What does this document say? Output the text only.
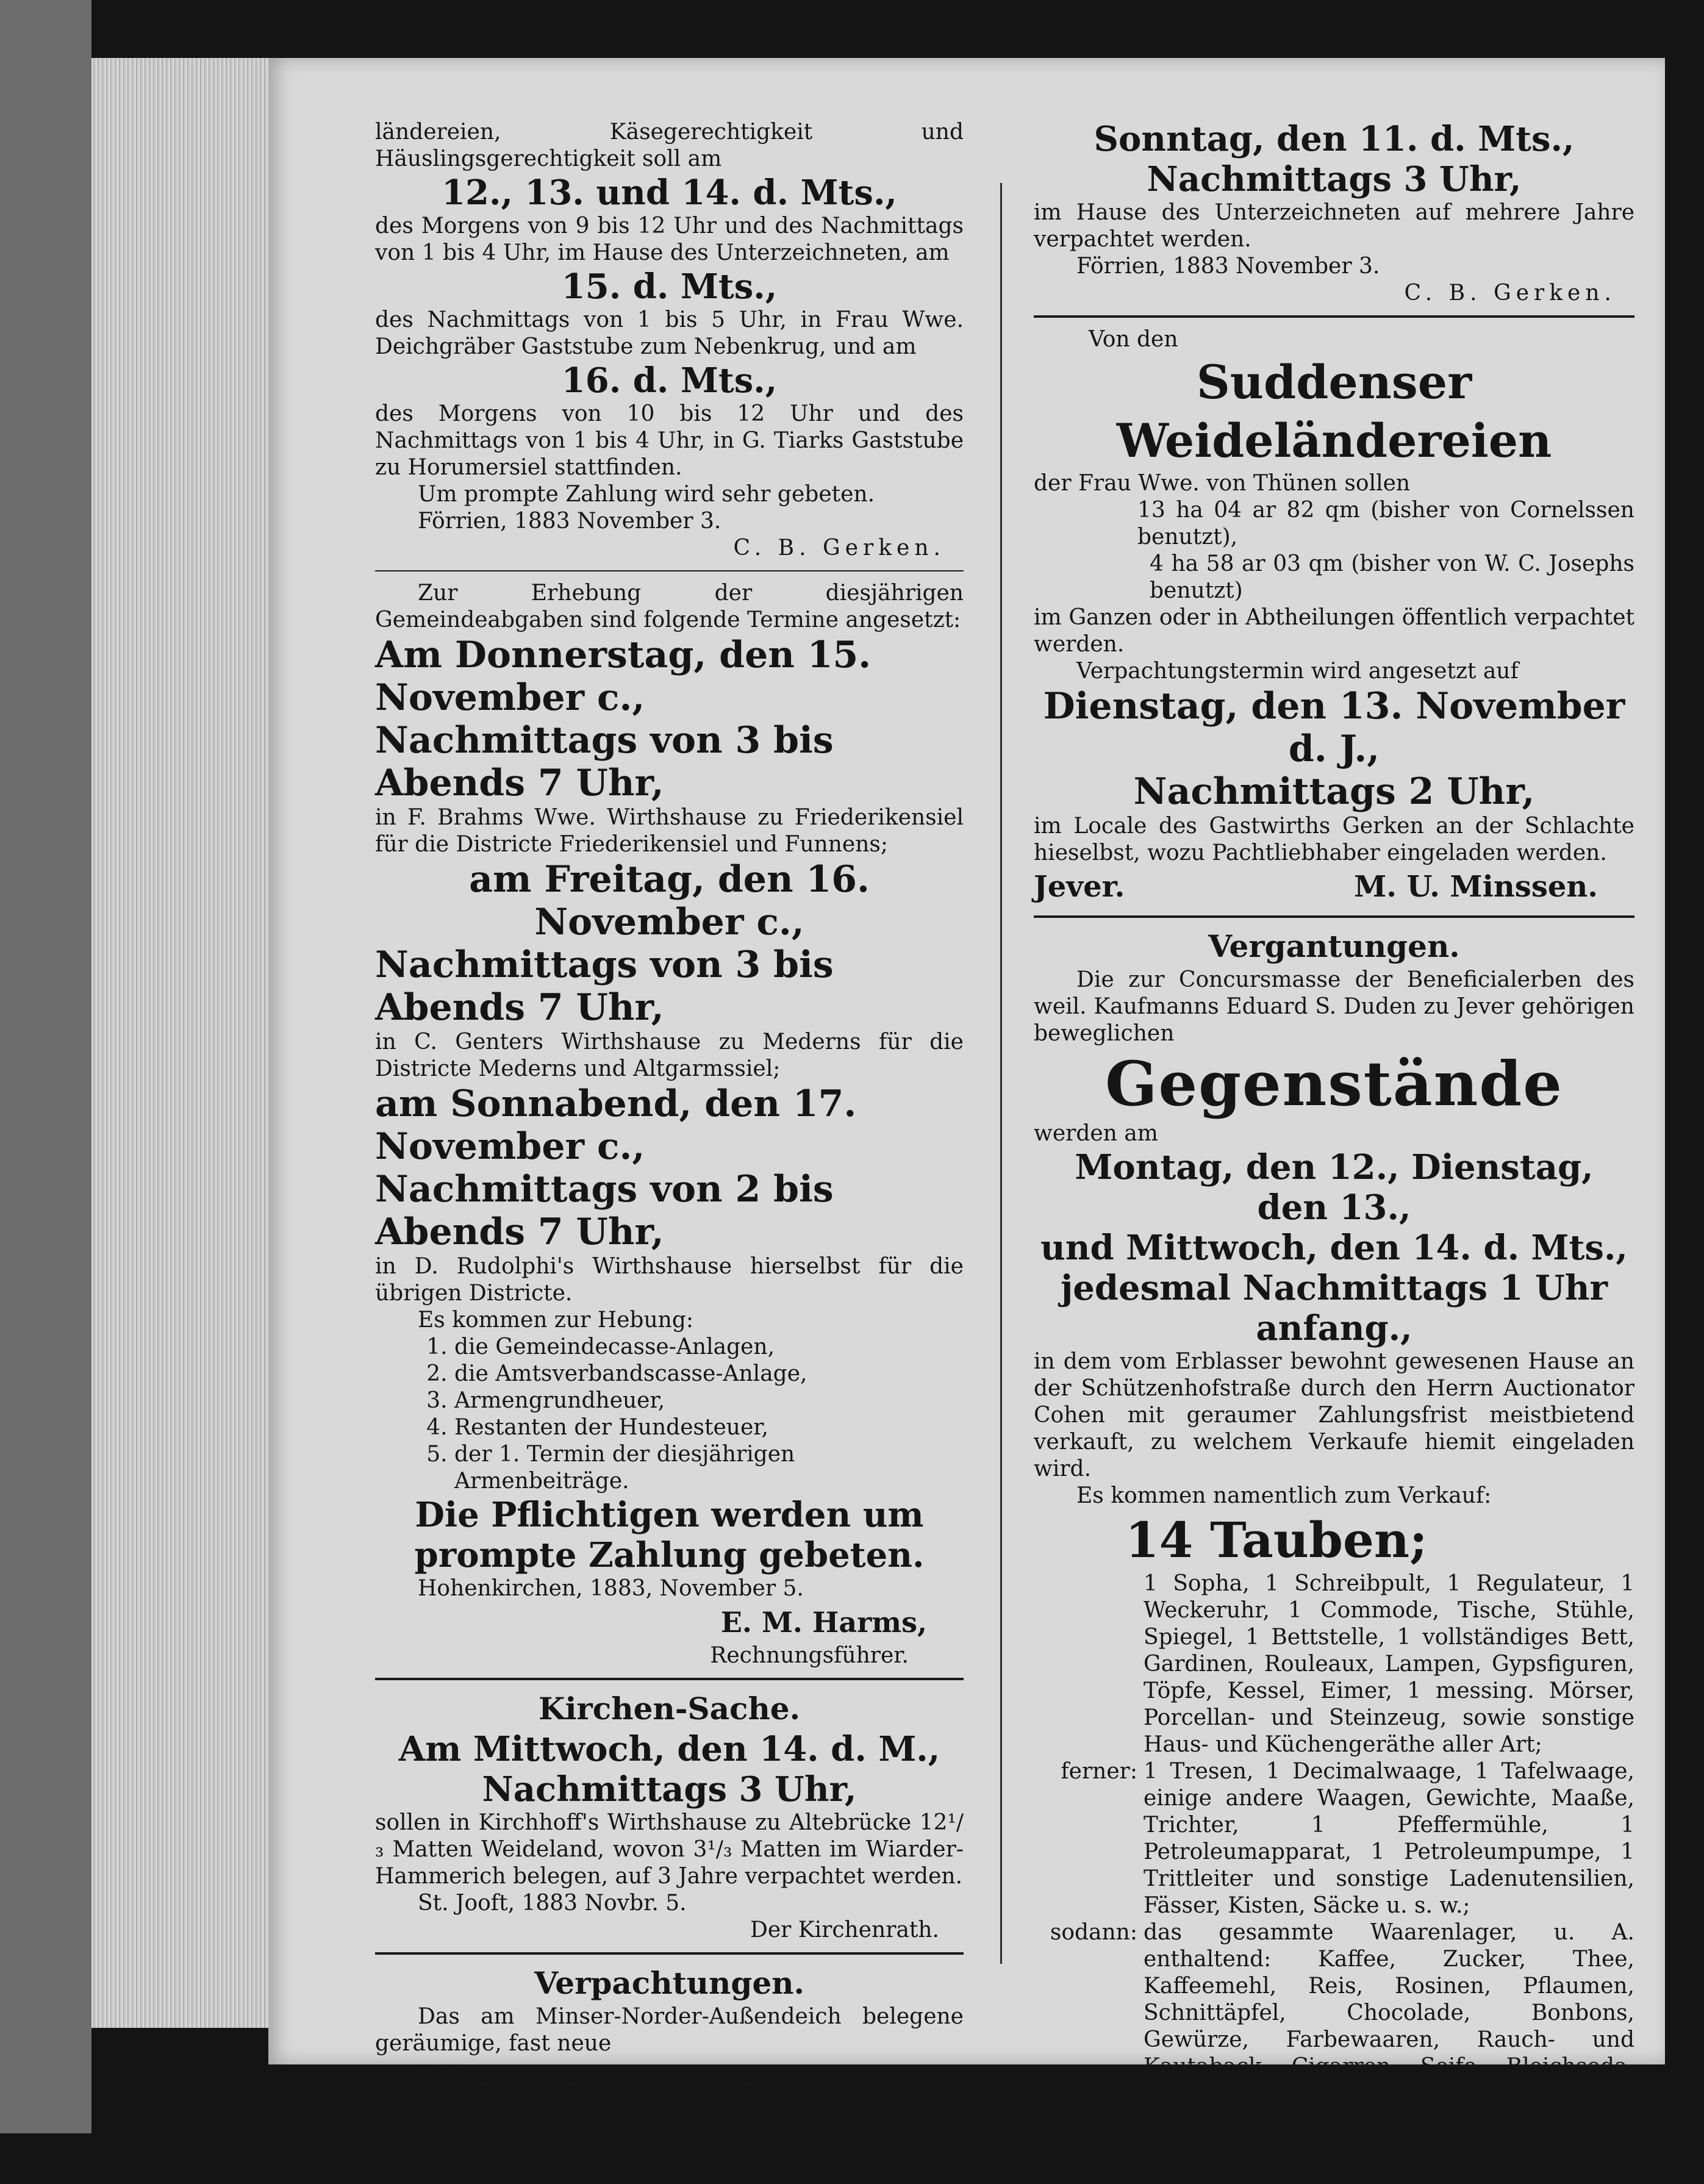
ländereien, Käsegerechtigkeit und Häuslingsgerechtigkeit soll am

12., 13. und 14. d. Mts.,

des Morgens von 9 bis 12 Uhr und des Nachmittags von 1 bis 4 Uhr, im Hause des Unterzeichneten, am

15. d. Mts.,

des Nachmittags von 1 bis 5 Uhr, in Frau Wwe. Deichgräber Gaststube zum Nebenkrug, und am

16. d. Mts.,

des Morgens von 10 bis 12 Uhr und des Nachmittags von 1 bis 4 Uhr, in G. Tiarks Gaststube zu Horumersiel stattfinden.

Um prompte Zahlung wird sehr gebeten.

Förrien, 1883 November 3.

C. B. Gerken.

Zur Erhebung der diesjährigen Gemeindeabgaben sind folgende Termine angesetzt:

Am Donnerstag, den 15. November c.,

Nachmittags von 3 bis Abends 7 Uhr,

in F. Brahms Wwe. Wirthshause zu Friederikensiel für die Districte Friederikensiel und Funnens;

am Freitag, den 16. November c.,

Nachmittags von 3 bis Abends 7 Uhr,

in C. Genters Wirthshause zu Mederns für die Districte Mederns und Altgarmssiel;

am Sonnabend, den 17. November c.,

Nachmittags von 2 bis Abends 7 Uhr,

in D. Rudolphi's Wirthshause hierselbst für die übrigen Districte.

Es kommen zur Hebung:

1. die Gemeindecasse-Anlagen,
2. die Amtsverbandscasse-Anlage,
3. Armengrundheuer,
4. Restanten der Hundesteuer,
5. der 1. Termin der diesjährigen Armenbeiträge.

Die Pflichtigen werden um prompte Zahlung gebeten.

Hohenkirchen, 1883, November 5.

E. M. Harms,

Rechnungsführer.

Kirchen-Sache.

Am Mittwoch, den 14. d. M.,

Nachmittags 3 Uhr,

sollen in Kirchhoff's Wirthshause zu Altebrücke 12¹/₃ Matten Weideland, wovon 3¹/₃ Matten im Wiarder-Hammerich belegen, auf 3 Jahre verpachtet werden.

St. Jooft, 1883 Novbr. 5.

Der Kirchenrath.

Verpachtungen.

Das am Minser-Norder-Außendeich belegene geräumige, fast neue

Häuslingshaus

mit vielem Gartengrund, jetzt von Mens Fröhling bewohnt, soll am

Sonntag, den 11. d. Mts.,

Nachmittags 3 Uhr,

im Hause des Unterzeichneten auf mehrere Jahre verpachtet werden.

Förrien, 1883 November 3.

C. B. Gerken.

Von den

Suddenser Weideländereien

der Frau Wwe. von Thünen sollen

13 ha 04 ar 82 qm (bisher von Cornelssen benutzt),

4 ha 58 ar 03 qm (bisher von W. C. Josephs benutzt)

im Ganzen oder in Abtheilungen öffentlich verpachtet werden.

Verpachtungstermin wird angesetzt auf

Dienstag, den 13. November d. J.,

Nachmittags 2 Uhr,

im Locale des Gastwirths Gerken an der Schlachte hieselbst, wozu Pachtliebhaber eingeladen werden.

Jever.	M. U. Minssen.

Vergantungen.

Die zur Concursmasse der Beneficialerben des weil. Kaufmanns Eduard S. Duden zu Jever gehörigen beweglichen

Gegenstände

werden am

Montag, den 12., Dienstag, den 13.,

und Mittwoch, den 14. d. Mts.,

jedesmal Nachmittags 1 Uhr anfang.,

in dem vom Erblasser bewohnt gewesenen Hause an der Schützenhofstraße durch den Herrn Auctionator Cohen mit geraumer Zahlungsfrist meistbietend verkauft, zu welchem Verkaufe hiemit eingeladen wird.

Es kommen namentlich zum Verkauf:

14 Tauben;

1 Sopha, 1 Schreibpult, 1 Regulateur, 1 Weckeruhr, 1 Commode, Tische, Stühle, Spiegel, 1 Bettstelle, 1 vollständiges Bett, Gardinen, Rouleaux, Lampen, Gypsfiguren, Töpfe, Kessel, Eimer, 1 messing. Mörser, Porcellan- und Steinzeug, sowie sonstige Haus- und Küchengeräthe aller Art;
ferner: 1 Tresen, 1 Decimalwaage, 1 Tafelwaage, einige andere Waagen, Gewichte, Maaße, Trichter, 1 Pfeffermühle, 1 Petroleumapparat, 1 Petroleumpumpe, 1 Trittleiter und sonstige Ladenutensilien, Fässer, Kisten, Säcke u. s. w.;
sodann: das gesammte Waarenlager, u. A. enthaltend: Kaffee, Zucker, Thee, Kaffeemehl, Reis, Rosinen, Pflaumen, Schnittäpfel, Chocolade, Bonbons, Gewürze, Farbewaaren, Rauch- und Kautaback, Cigarren, Seife, Bleichsoda, Stärke, Wichse, Lichte u. s. w., eine große Parthie Holzschuhe, Patentschuhe, Pantinen, Trippen,
